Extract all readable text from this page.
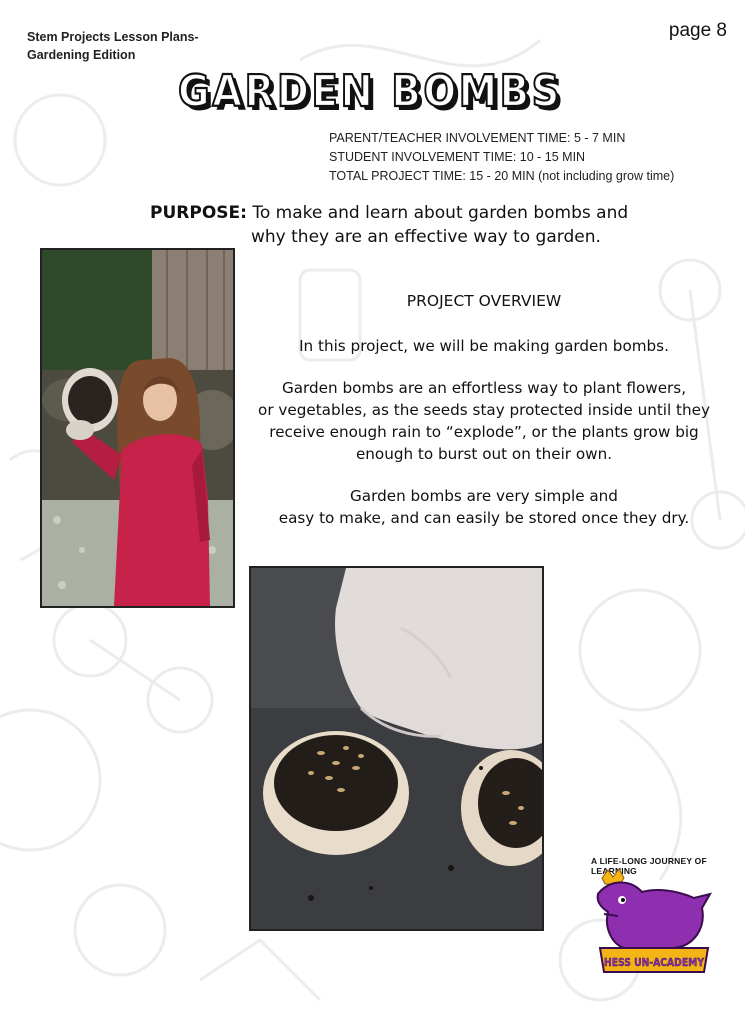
Stem Projects Lesson Plans-
Gardening Edition
page 8
GARDEN BOMBS
GARDEN BOMBS
PARENT/TEACHER INVOLVEMENT TIME: 5 - 7 MIN
STUDENT INVOLVEMENT TIME: 10 - 15 MIN
TOTAL PROJECT TIME: 15 - 20 MIN (not including grow time)
PURPOSE: To make and learn about garden bombs and
why they are an effective way to garden.
PROJECT OVERVIEW

In this project, we will be making garden bombs.

Garden bombs are an effortless way to plant flowers,
or vegetables, as the seeds stay protected inside until they
receive enough rain to “explode”, or the plants grow big
enough to burst out on their own.

Garden bombs are very simple and
easy to make, and can easily be stored once they dry.

A LIFE-LONG JOURNEY OF LEARNING
HESS UN-ACADEMY
